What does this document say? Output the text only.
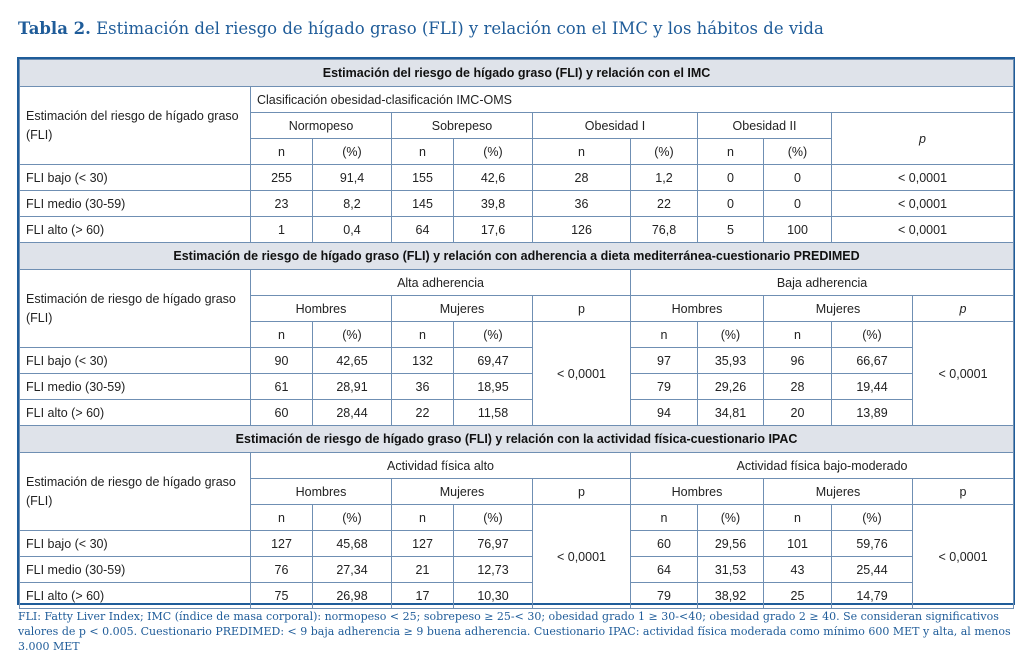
Tabla 2. Estimación del riesgo de hígado graso (FLI) y relación con el IMC y los hábitos de vida
Estimación del riesgo de hígado graso (FLI) y relación con el IMC										
Estimación del riesgo de hígado graso (FLI)	Clasificación obesidad-clasificación IMC-OMS									
	Normopeso		Sobrepeso		Obesidad I		Obesidad II		p	
	n	(%)	n	(%)	n	(%)	n	(%)		
FLI bajo (< 30)	255	91,4	155	42,6	28	1,2	0	0	< 0,0001	
FLI medio (30-59)	23	8,2	145	39,8	36	22	0	0	< 0,0001	
FLI alto (> 60)	1	0,4	64	17,6	126	76,8	5	100	< 0,0001	
Estimación de riesgo de hígado graso (FLI) y relación con adherencia a dieta mediterránea-cuestionario PREDIMED										
Estimación de riesgo de hígado graso (FLI)	Alta adherencia					Baja adherencia				
	Hombres		Mujeres		p	Hombres		Mujeres		p
	n	(%)	n	(%)	< 0,0001	n	(%)	n	(%)	< 0,0001
FLI bajo (< 30)	90	42,65	132	69,47		97	35,93	96	66,67	
FLI medio (30-59)	61	28,91	36	18,95		79	29,26	28	19,44	
FLI alto (> 60)	60	28,44	22	11,58		94	34,81	20	13,89	
Estimación de riesgo de hígado graso (FLI) y relación con la actividad física-cuestionario IPAC										
Estimación de riesgo de hígado graso (FLI)	Actividad física alto					Actividad física bajo-moderado				
	Hombres		Mujeres		p	Hombres		Mujeres		p
	n	(%)	n	(%)	< 0,0001	n	(%)	n	(%)	< 0,0001
FLI bajo (< 30)	127	45,68	127	76,97		60	29,56	101	59,76	
FLI medio (30-59)	76	27,34	21	12,73		64	31,53	43	25,44	
FLI alto (> 60)	75	26,98	17	10,30		79	38,92	25	14,79	
FLI: Fatty Liver Index; IMC (índice de masa corporal): normopeso < 25; sobrepeso ≥ 25-< 30; obesidad grado 1 ≥ 30-<40; obesidad grado 2 ≥ 40. Se consideran significativos valores de p < 0.005. Cuestionario PREDIMED: < 9 baja adherencia ≥ 9 buena adherencia. Cuestionario IPAC: actividad física moderada como mínimo 600 MET y alta, al menos 3.000 MET
